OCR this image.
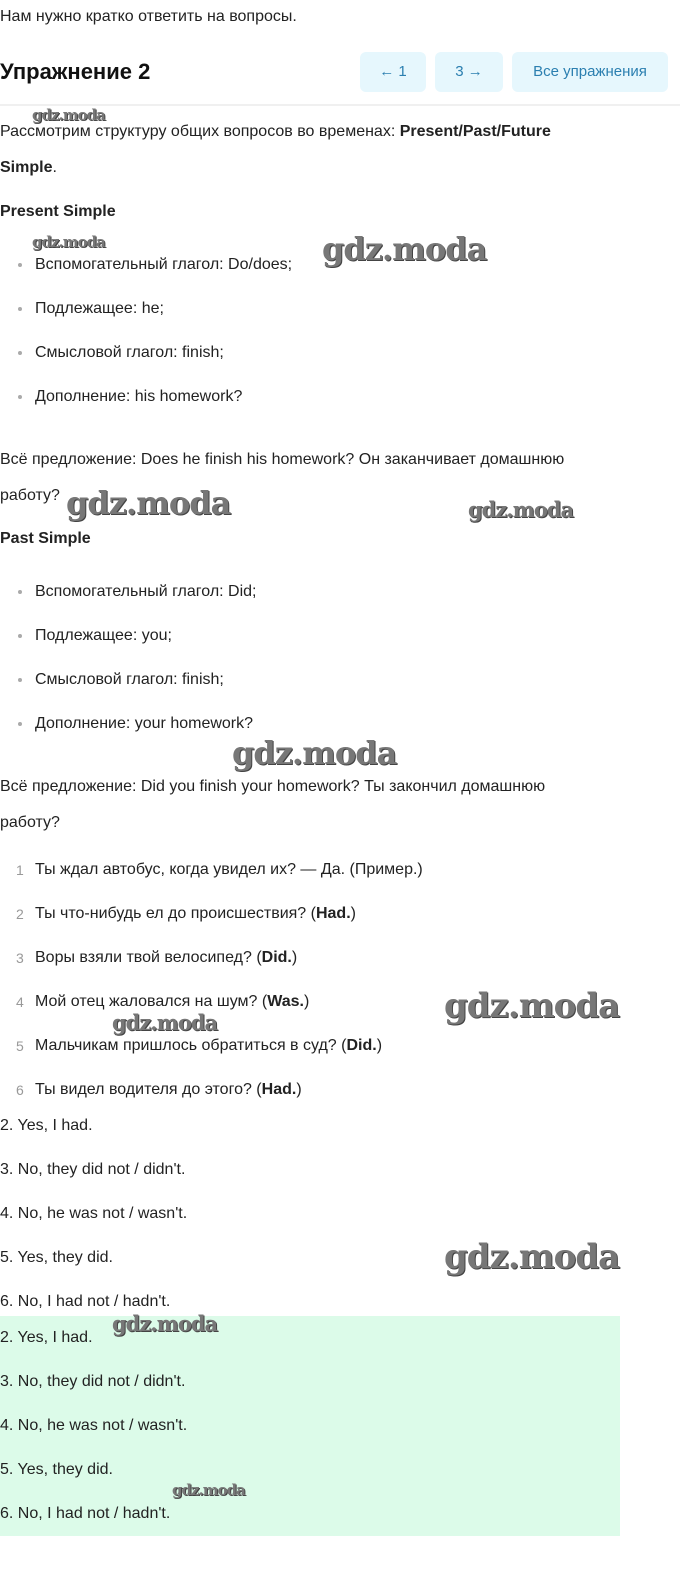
Нам нужно кратко ответить на вопросы.
Упражнение 2	← 1	3 →	Все упражнения
Рассмотрим структуру общих вопросов во временах: Present/Past/Future
Simple.
Present Simple
Вспомогательный глагол: Do/does;
Подлежащее: he;
Смысловой глагол: finish;
Дополнение: his homework?
Всё предложение: Does he finish his homework? Он заканчивает домашнюю
работу?
Past Simple
Вспомогательный глагол: Did;
Подлежащее: you;
Смысловой глагол: finish;
Дополнение: your homework?
Всё предложение: Did you finish your homework? Ты закончил домашнюю
работу?
1 Ты ждал автобус, когда увидел их? — Да. (Пример.)
2 Ты что-нибудь ел до происшествия? (Had.)
3 Воры взяли твой велосипед? (Did.)
4 Мой отец жаловался на шум? (Was.)
5 Мальчикам пришлось обратиться в суд? (Did.)
6 Ты видел водителя до этого? (Had.)
2. Yes, I had.
3. No, they did not / didn't.
4. No, he was not / wasn't.
5. Yes, they did.
6. No, I had not / hadn't.
2. Yes, I had.
3. No, they did not / didn't.
4. No, he was not / wasn't.
5. Yes, they did.
6. No, I had not / hadn't.
gdz.moda
gdz.moda	gdz.moda
gdz.moda	gdz.moda
gdz.moda
gdz.moda
gdz.moda
gdz.moda
gdz.moda
gdz.moda
